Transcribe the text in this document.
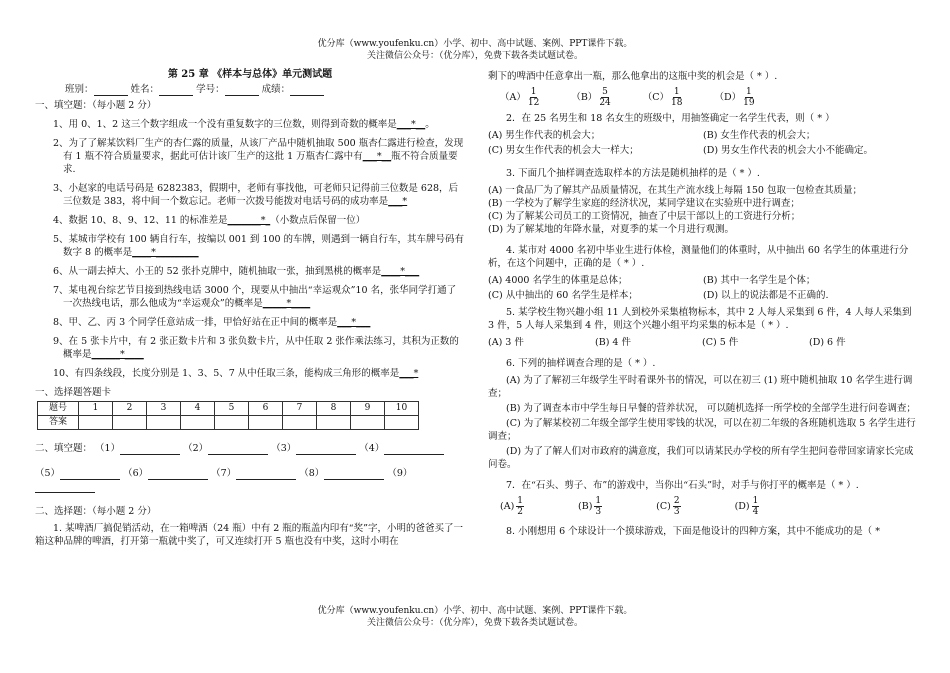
优分库（www.youfenku.cn）小学、初中、高中试题、案例、PPT课件下载。
关注微信公众号：（优分库），免费下载各类试题试卷。
第 25 章 《样本与总体》单元测试题
班别：	姓名：	学号：	成绩：
一、填空题：（每小题 2 分）
1、用 0、1、2 这三个数字组成一个没有重复数字的三位数，则得到奇数的概率是___*__。
2、为了了解某饮料厂生产的杏仁露的质量，从该厂产品中随机抽取 500 瓶杏仁露进行检查，发现有 1 瓶不符合质量要求，据此可估计该厂生产的这批 1 万瓶杏仁露中有___*__瓶不符合质量要求.
3、小赵家的电话号码是 6282383，假期中，老师有事找他，可老师只记得前三位数是 628，后三位数是 383，将中间一个数忘记。老师一次拨号能拨对电话号码的成功率是___*
4、数据 10、8、9、12、11 的标准差是_______*_（小数点后保留一位）
5、某城市学校有 100 辆自行车，按编以 001 到 100 的车牌，则遇到一辆自行车，其车牌号码有数字 8 的概率是____*_________
6、从一副去掉大、小王的 52 张扑克牌中，随机抽取一张，抽到黑桃的概率是____*___
7、某电视台综艺节目接到热线电话 3000 个，现要从中抽出“幸运观众”10 名，张华同学打通了一次热线电话，那么他成为“幸运观众”的概率是_____*____
8、甲、乙、丙 3 个同学任意站成一排，甲恰好站在正中间的概率是___*___
9、在 5 张卡片中，有 2 张正数卡片和 3 张负数卡片，从中任取 2 张作乘法练习，其积为正数的概率是______*____
10、有四条线段，长度分别是 1、3、5、7 从中任取三条，能构成三角形的概率是___*
一、选择题答题卡
题号	1	2	3	4	5	6	7	8	9	10
答案										
二、填空题： （1）	（2）	（3）	（4）
（5）	（6）	（7）	（8）	（9）
二、选择题：（每小题 2 分）
1. 某啤酒厂搞促销活动，在一箱啤酒（24 瓶）中有 2 瓶的瓶盖内印有“奖”字，小明的爸爸买了一箱这种品牌的啤酒，打开第一瓶就中奖了，可又连续打开 5 瓶也没有中奖，这时小明在
剩下的啤酒中任意拿出一瓶，那么他拿出的这瓶中奖的机会是（ * ）.
$(A) \frac{1}{12}$	$(B) \frac{5}{24}$	$(C) \frac{1}{18}$	$(D) \frac{1}{19}$
2．在 25 名男生和 18 名女生的班级中，用抽签确定一名学生代表，则（ * ）
(A) 男生作代表的机会大；	(B) 女生作代表的机会大；
(C) 男女生作代表的机会大一样大；	(D) 男女生作代表的机会大小不能确定。
3. 下面几个抽样调查选取样本的方法是随机抽样的是（ * ）.
(A) 一食品厂为了解其产品质量情况，在其生产流水线上每隔 150 包取一包检查其质量；
(B) 一学校为了解学生家庭的经济状况，某同学建议在实验班中进行调查；
(C) 为了解某公司员工的工资情况，抽查了中层干部以上的工资进行分析；
(D) 为了解某地的年降水量，对夏季的某一个月进行观测。
4. 某市对 4000 名初中毕业生进行体检，测量他们的体重时，从中抽出 60 名学生的体重进行分析，在这个问题中，正确的是（ * ）.
(A) 4000 名学生的体重是总体；	(B) 其中一名学生是个体；
(C) 从中抽出的 60 名学生是样本；	(D) 以上的说法都是不正确的.
5. 某学校生物兴趣小组 11 人到校外采集植物标本，其中 2 人每人采集到 6 件，4 人每人采集到 3 件，5 人每人采集到 4 件，则这个兴趣小组平均采集的标本是（ * ）.
(A) 3 件	(B) 4 件	(C) 5 件	(D) 6 件
6. 下列的抽样调查合理的是（ * ）.
(A) 为了了解初三年级学生平时看课外书的情况，可以在初三 (1) 班中随机抽取 10 名学生进行调查；
(B) 为了调查本市中学生每日早餐的营养状况， 可以随机选择一所学校的全部学生进行问卷调查；
(C) 为了解某校初二年级全部学生使用零钱的状况，可以在初二年级的各班随机选取 5 名学生进行调查；
(D) 为了了解人们对市政府的满意度，我们可以请某民办学校的所有学生把问卷带回家请家长完成问卷。
7．在“石头、剪子、布”的游戏中，当你出“石头”时，对手与你打平的概率是（ * ）.
$(A) \frac{1}{2}$	$(B) \frac{1}{3}$	$(C) \frac{2}{3}$	$(D) \frac{1}{4}$
8. 小刚想用 6 个球设计一个摸球游戏，下面是他设计的四种方案，其中不能成功的是（ *
优分库（www.youfenku.cn）小学、初中、高中试题、案例、PPT课件下载。
关注微信公众号：（优分库），免费下载各类试题试卷。
